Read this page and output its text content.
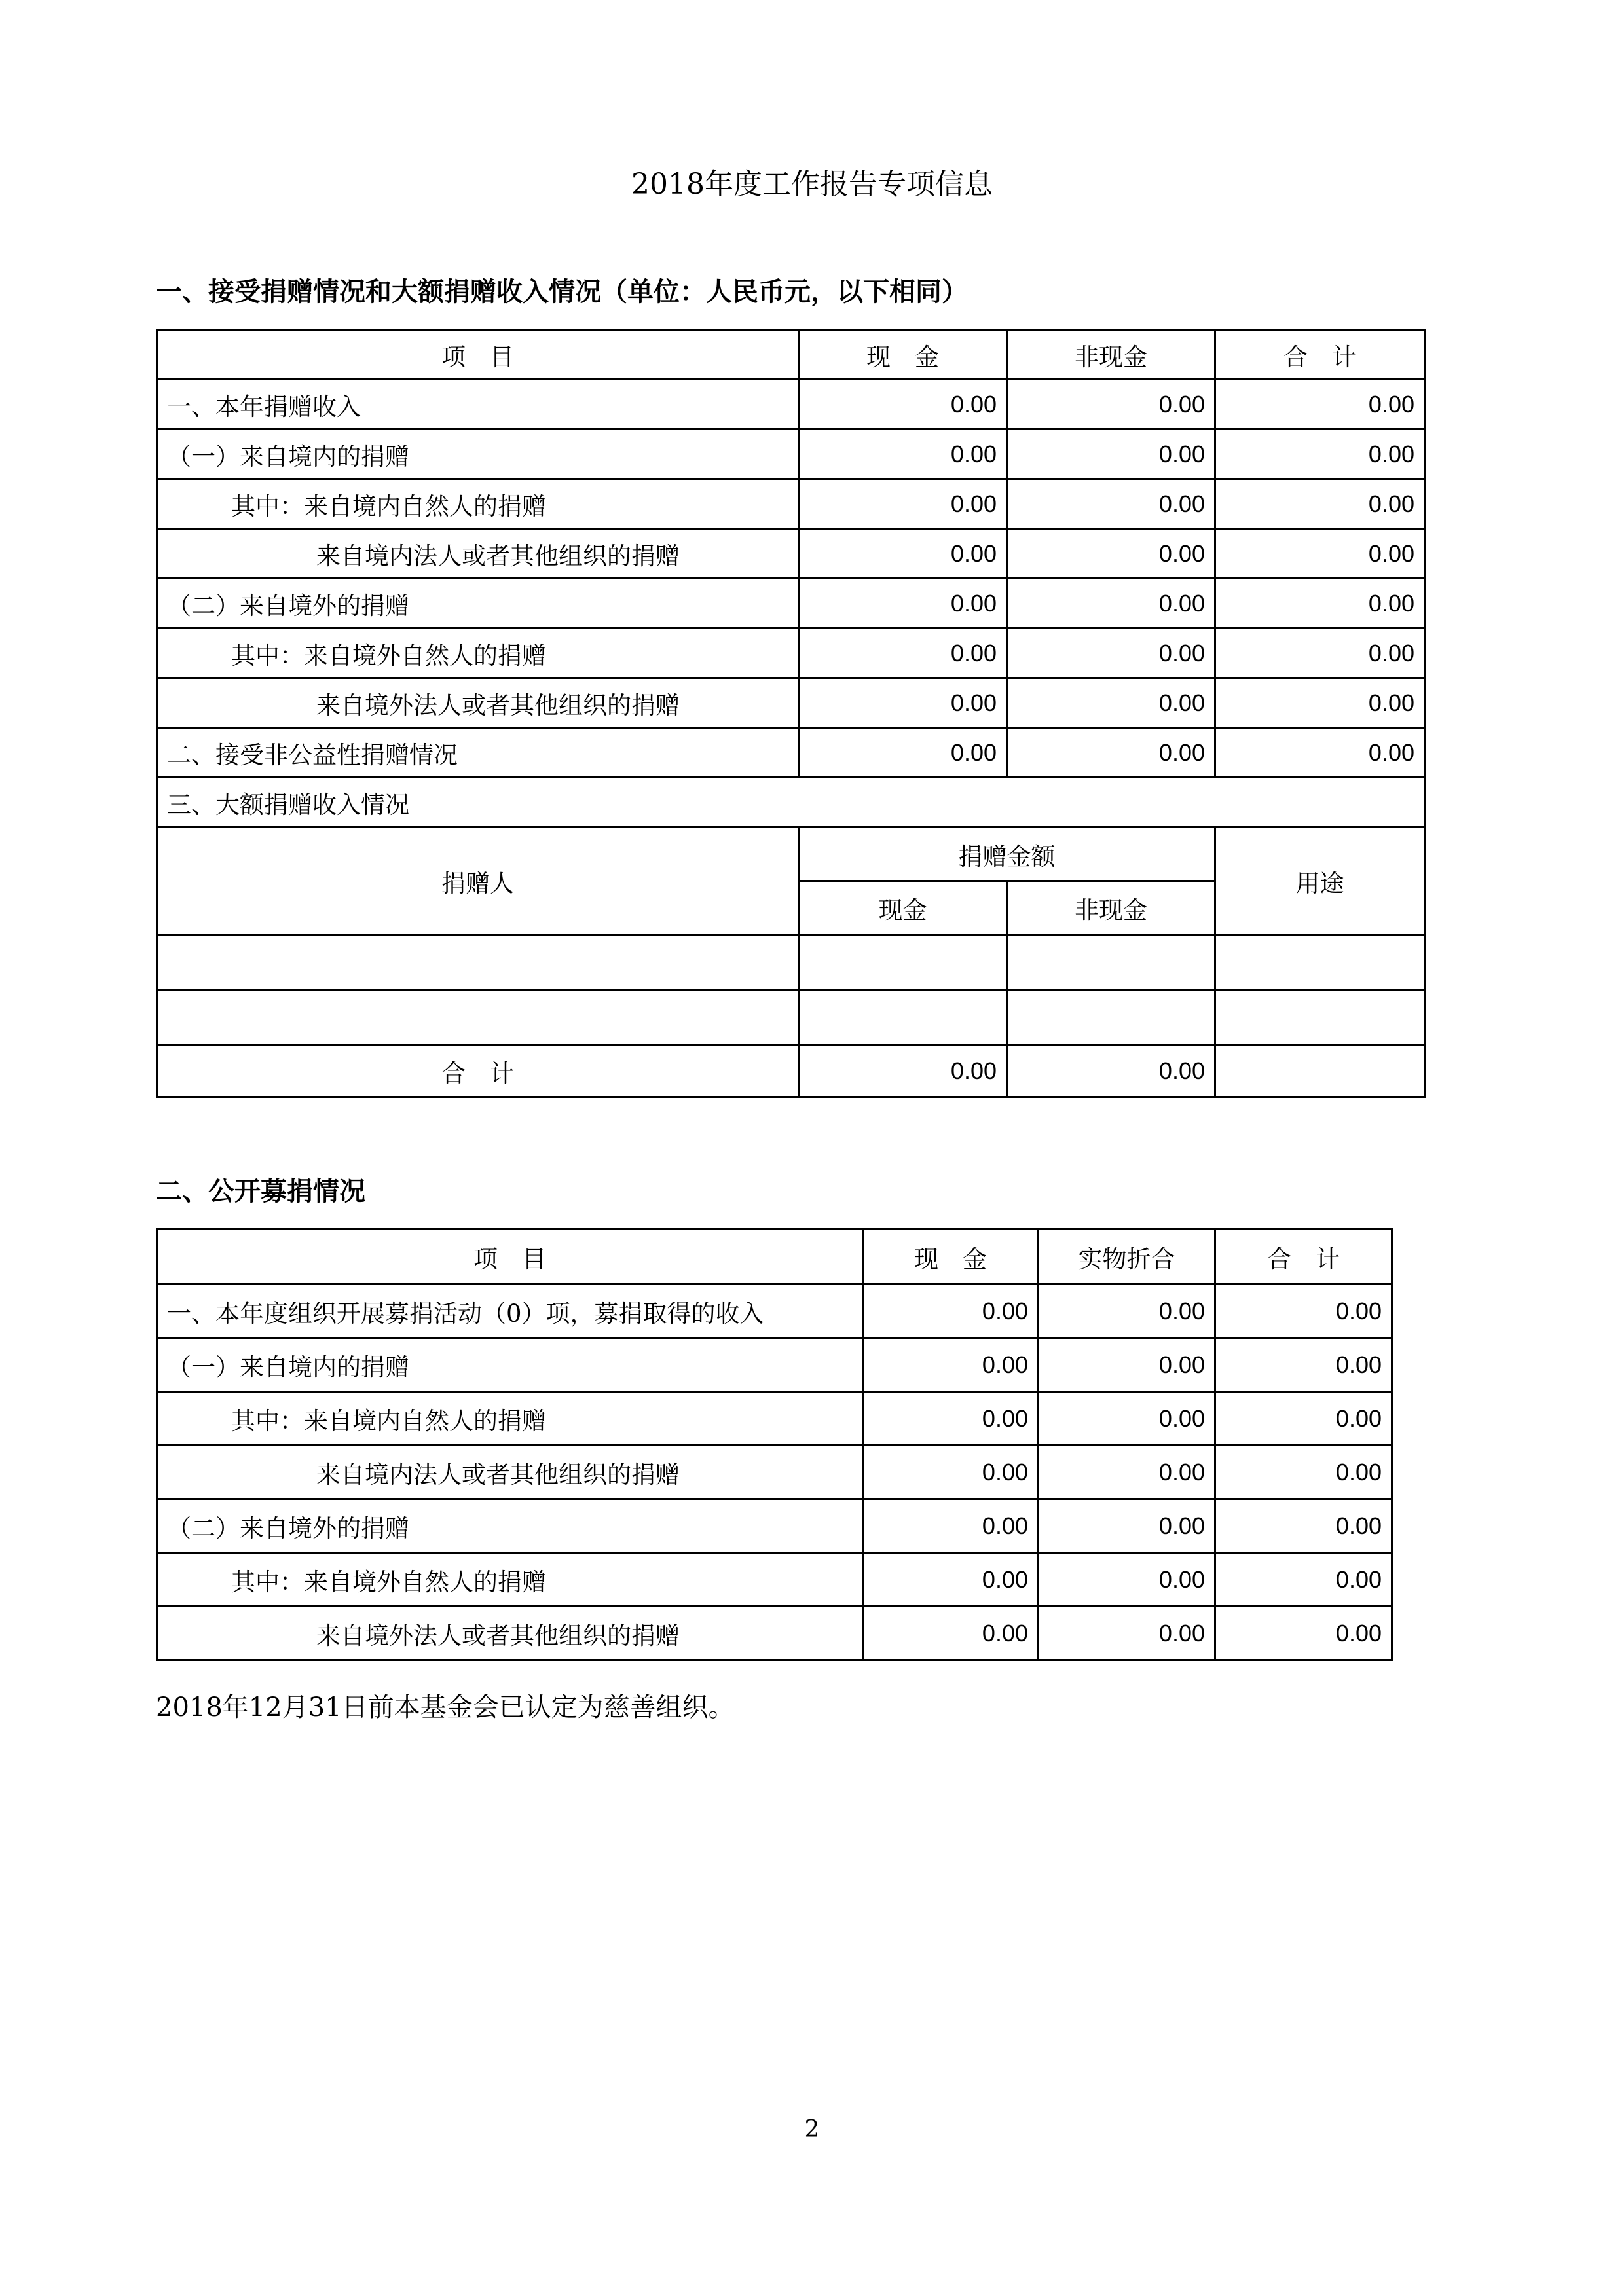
2018年度工作报告专项信息
一、接受捐赠情况和大额捐赠收入情况（单位：人民币元，以下相同）
项　目	现　金	非现金	合　计
一、本年捐赠收入	0.00	0.00	0.00
（一）来自境内的捐赠	0.00	0.00	0.00
其中：来自境内自然人的捐赠	0.00	0.00	0.00
来自境内法人或者其他组织的捐赠	0.00	0.00	0.00
（二）来自境外的捐赠	0.00	0.00	0.00
其中：来自境外自然人的捐赠	0.00	0.00	0.00
来自境外法人或者其他组织的捐赠	0.00	0.00	0.00
二、接受非公益性捐赠情况	0.00	0.00	0.00
三、大额捐赠收入情况			
捐赠人	捐赠金额		用途
	现金	非现金	

合　计	0.00	0.00	
二、公开募捐情况
项　目	现　金	实物折合	合　计
一、本年度组织开展募捐活动（0）项，募捐取得的收入	0.00	0.00	0.00
（一）来自境内的捐赠	0.00	0.00	0.00
其中：来自境内自然人的捐赠	0.00	0.00	0.00
来自境内法人或者其他组织的捐赠	0.00	0.00	0.00
（二）来自境外的捐赠	0.00	0.00	0.00
其中：来自境外自然人的捐赠	0.00	0.00	0.00
来自境外法人或者其他组织的捐赠	0.00	0.00	0.00
2018年12月31日前本基金会已认定为慈善组织。
2
